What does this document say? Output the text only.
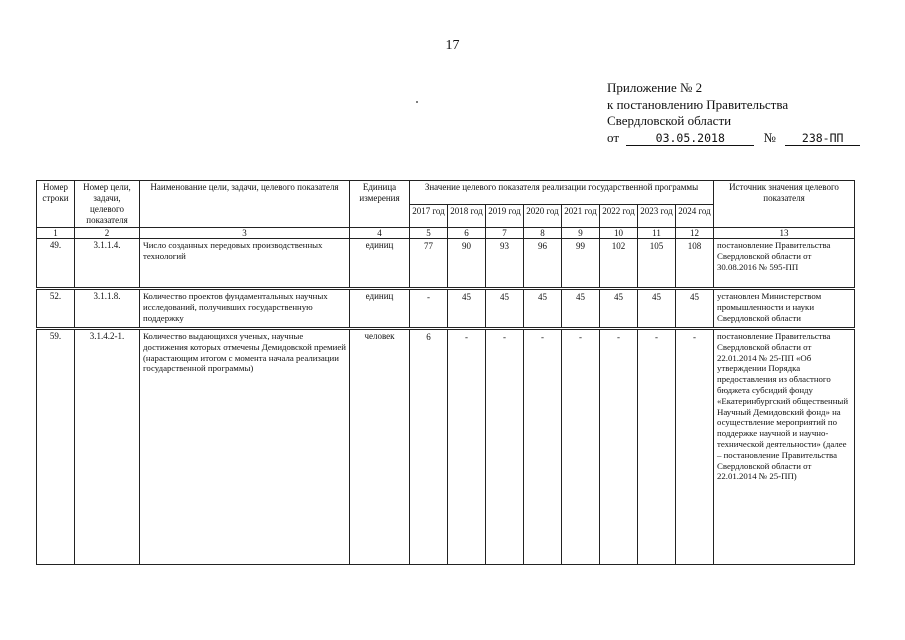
17
Приложение № 2
к постановлению Правительства
Свердловской области
от	03.05.2018	№ 238-ПП
Номер строки	Номер цели, задачи, целевого показателя	Наименование цели, задачи, целевого показателя	Единица измерения	Значение целевого показателя реализации государственной программы								Источник значения целевого показателя
				2017 год	2018 год	2019 год	2020 год	2021 год	2022 год	2023 год	2024 год	
1	2	3	4	5	6	7	8	9	10	11	12	13
49.	3.1.1.4.	Число созданных передовых производственных технологий	единиц	77	90	93	96	99	102	105	108	постановление Правительства Свердловской области от 30.08.2016 № 595-ПП
52.	3.1.1.8.	Количество проектов фундаментальных научных исследований, получивших государственную поддержку	единиц	-	45	45	45	45	45	45	45	установлен Министерством промышленности и науки Свердловской области
59.	3.1.4.2-1.	Количество выдающихся ученых, научные достижения которых отмечены Демидовской премией (нарастающим итогом с момента начала реализации государственной программы)	человек	6	-	-	-	-	-	-	-	постановление Правительства Свердловской области от 22.01.2014 № 25-ПП «Об утверждении Порядка предоставления из областного бюджета субсидий фонду «Екатеринбургский общественный Научный Демидовский фонд» на осуществление мероприятий по поддержке научной и научно-технической деятельности» (далее – постановление Правительства Свердловской области от 22.01.2014 № 25-ПП)
